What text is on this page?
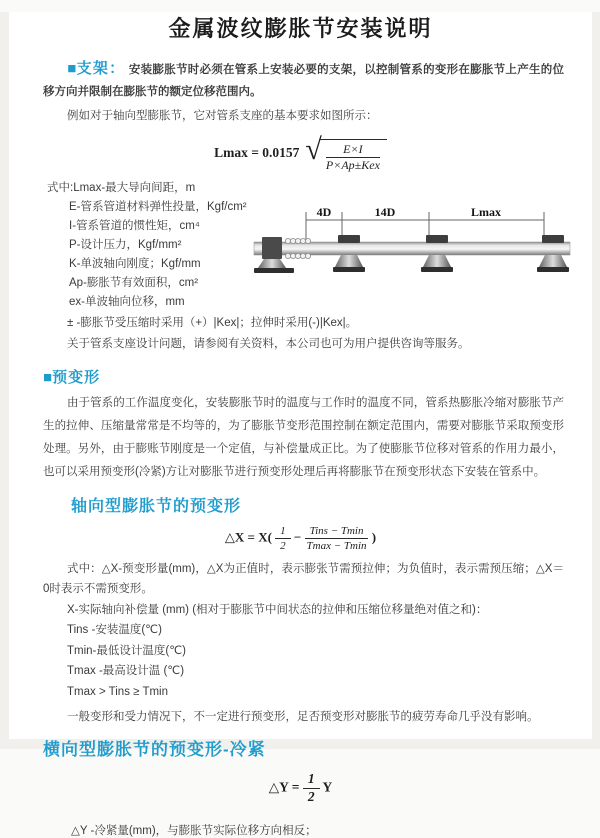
金属波纹膨胀节安装说明

■支架： 安装膨胀节时必须在管系上安装必要的支架，以控制管系的变形在膨胀节上产生的位移方向并限制在膨胀节的额定位移范围内。

例如对于轴向型膨胀节，它对管系支座的基本要求如图所示：

Lmax = 0.0157 √ $\frac{E\times I}{\text{P×Ap±Kex}}$
式中:Lmax-最大导向间距，m
E-管系管道材料弹性投量，Kgf/cm²
I-管系管道的惯性矩，cm⁴
P-设计压力，Kgf/mm²
K-单波轴向刚度；Kgf/mm
Ap-膨胀节有效面积，cm²
ex-单波轴向位移，mm
± -膨胀节受压缩时采用（+）|Kex|；拉伸时采用(-)|Kex|。
关于管系支座设计问题，请参阅有关资料，本公司也可为用户提供咨询等服务。
4D	14D	Lmax
■预变形

由于管系的工作温度变化，安装膨胀节时的温度与工作时的温度不同，管系热膨胀冷缩对膨胀节产生的拉伸、压缩量常常是不均等的，为了膨胀节变形范围控制在额定范围内，需要对膨胀节采取预变形处理。另外，由于膨账节刚度是一个定值，与补偿量成正比。为了使膨胀节位移对管系的作用力最小，也可以采用预变形(冷紧)方让对膨胀节进行预变形处理后再将膨胀节在预变形状态下安装在管系中。

轴向型膨胀节的预变形
△X = $X( \frac{1}{2} - \frac{\text{Tins − Tmin}}{Tmax - Tmin}$ )

式中：△X-预变形量(mm)，△X为正值时，表示膨张节需预拉伸；为负值时，表示需预压缩；△X＝0时表示不需预变形。

X-实际轴向补偿量 (mm) (相对于膨胀节中间状态的拉伸和压缩位移量绝对值之和)：
Tins -安装温度(℃)
Tmin-最低设计温度(℃)
Tmax -最高设计温 (℃)
Tmax > Tins ≥ Tmin

一般变形和受力情况下，不一定进行预变形，足否预变形对膨胀节的疲劳寿命几乎没有影响。

横向型膨胀节的预变形-冷紧
△Y = $\frac{1}{2}$ Y
△Y -冷紧量(mm)，与膨胀节实际位移方向相反；
